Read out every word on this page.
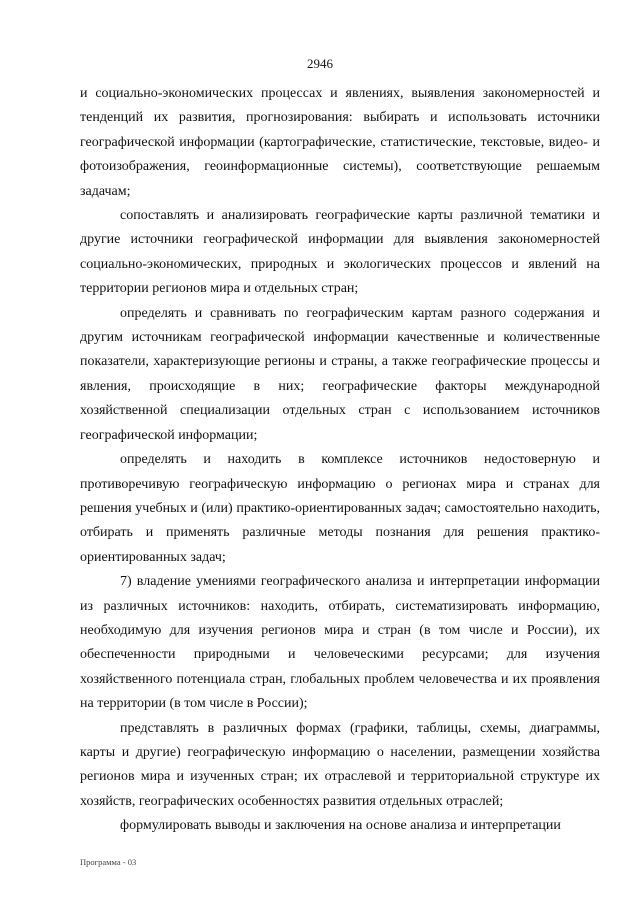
2946

и социально-экономических процессах и явлениях, выявления закономерностей и тенденций их развития, прогнозирования: выбирать и использовать источники географической информации (картографические, статистические, текстовые, видео- и фотоизображения, геоинформационные системы), соответствующие решаемым задачам;

сопоставлять и анализировать географические карты различной тематики и другие источники географической информации для выявления закономерностей социально-экономических, природных и экологических процессов и явлений на территории регионов мира и отдельных стран;

определять и сравнивать по географическим картам разного содержания и другим источникам географической информации качественные и количественные показатели, характеризующие регионы и страны, а также географические процессы и явления, происходящие в них; географические факторы международной хозяйственной специализации отдельных стран с использованием источников географической информации;

определять и находить в комплексе источников недостоверную и противоречивую географическую информацию о регионах мира и странах для решения учебных и (или) практико-ориентированных задач; самостоятельно находить, отбирать и применять различные методы познания для решения практико-ориентированных задач;

7) владение умениями географического анализа и интерпретации информации из различных источников: находить, отбирать, систематизировать информацию, необходимую для изучения регионов мира и стран (в том числе и России), их обеспеченности природными и человеческими ресурсами; для изучения хозяйственного потенциала стран, глобальных проблем человечества и их проявления на территории (в том числе в России);

представлять в различных формах (графики, таблицы, схемы, диаграммы, карты и другие) географическую информацию о населении, размещении хозяйства регионов мира и изученных стран; их отраслевой и территориальной структуре их хозяйств, географических особенностях развития отдельных отраслей;

формулировать выводы и заключения на основе анализа и интерпретации

Программа - 03
